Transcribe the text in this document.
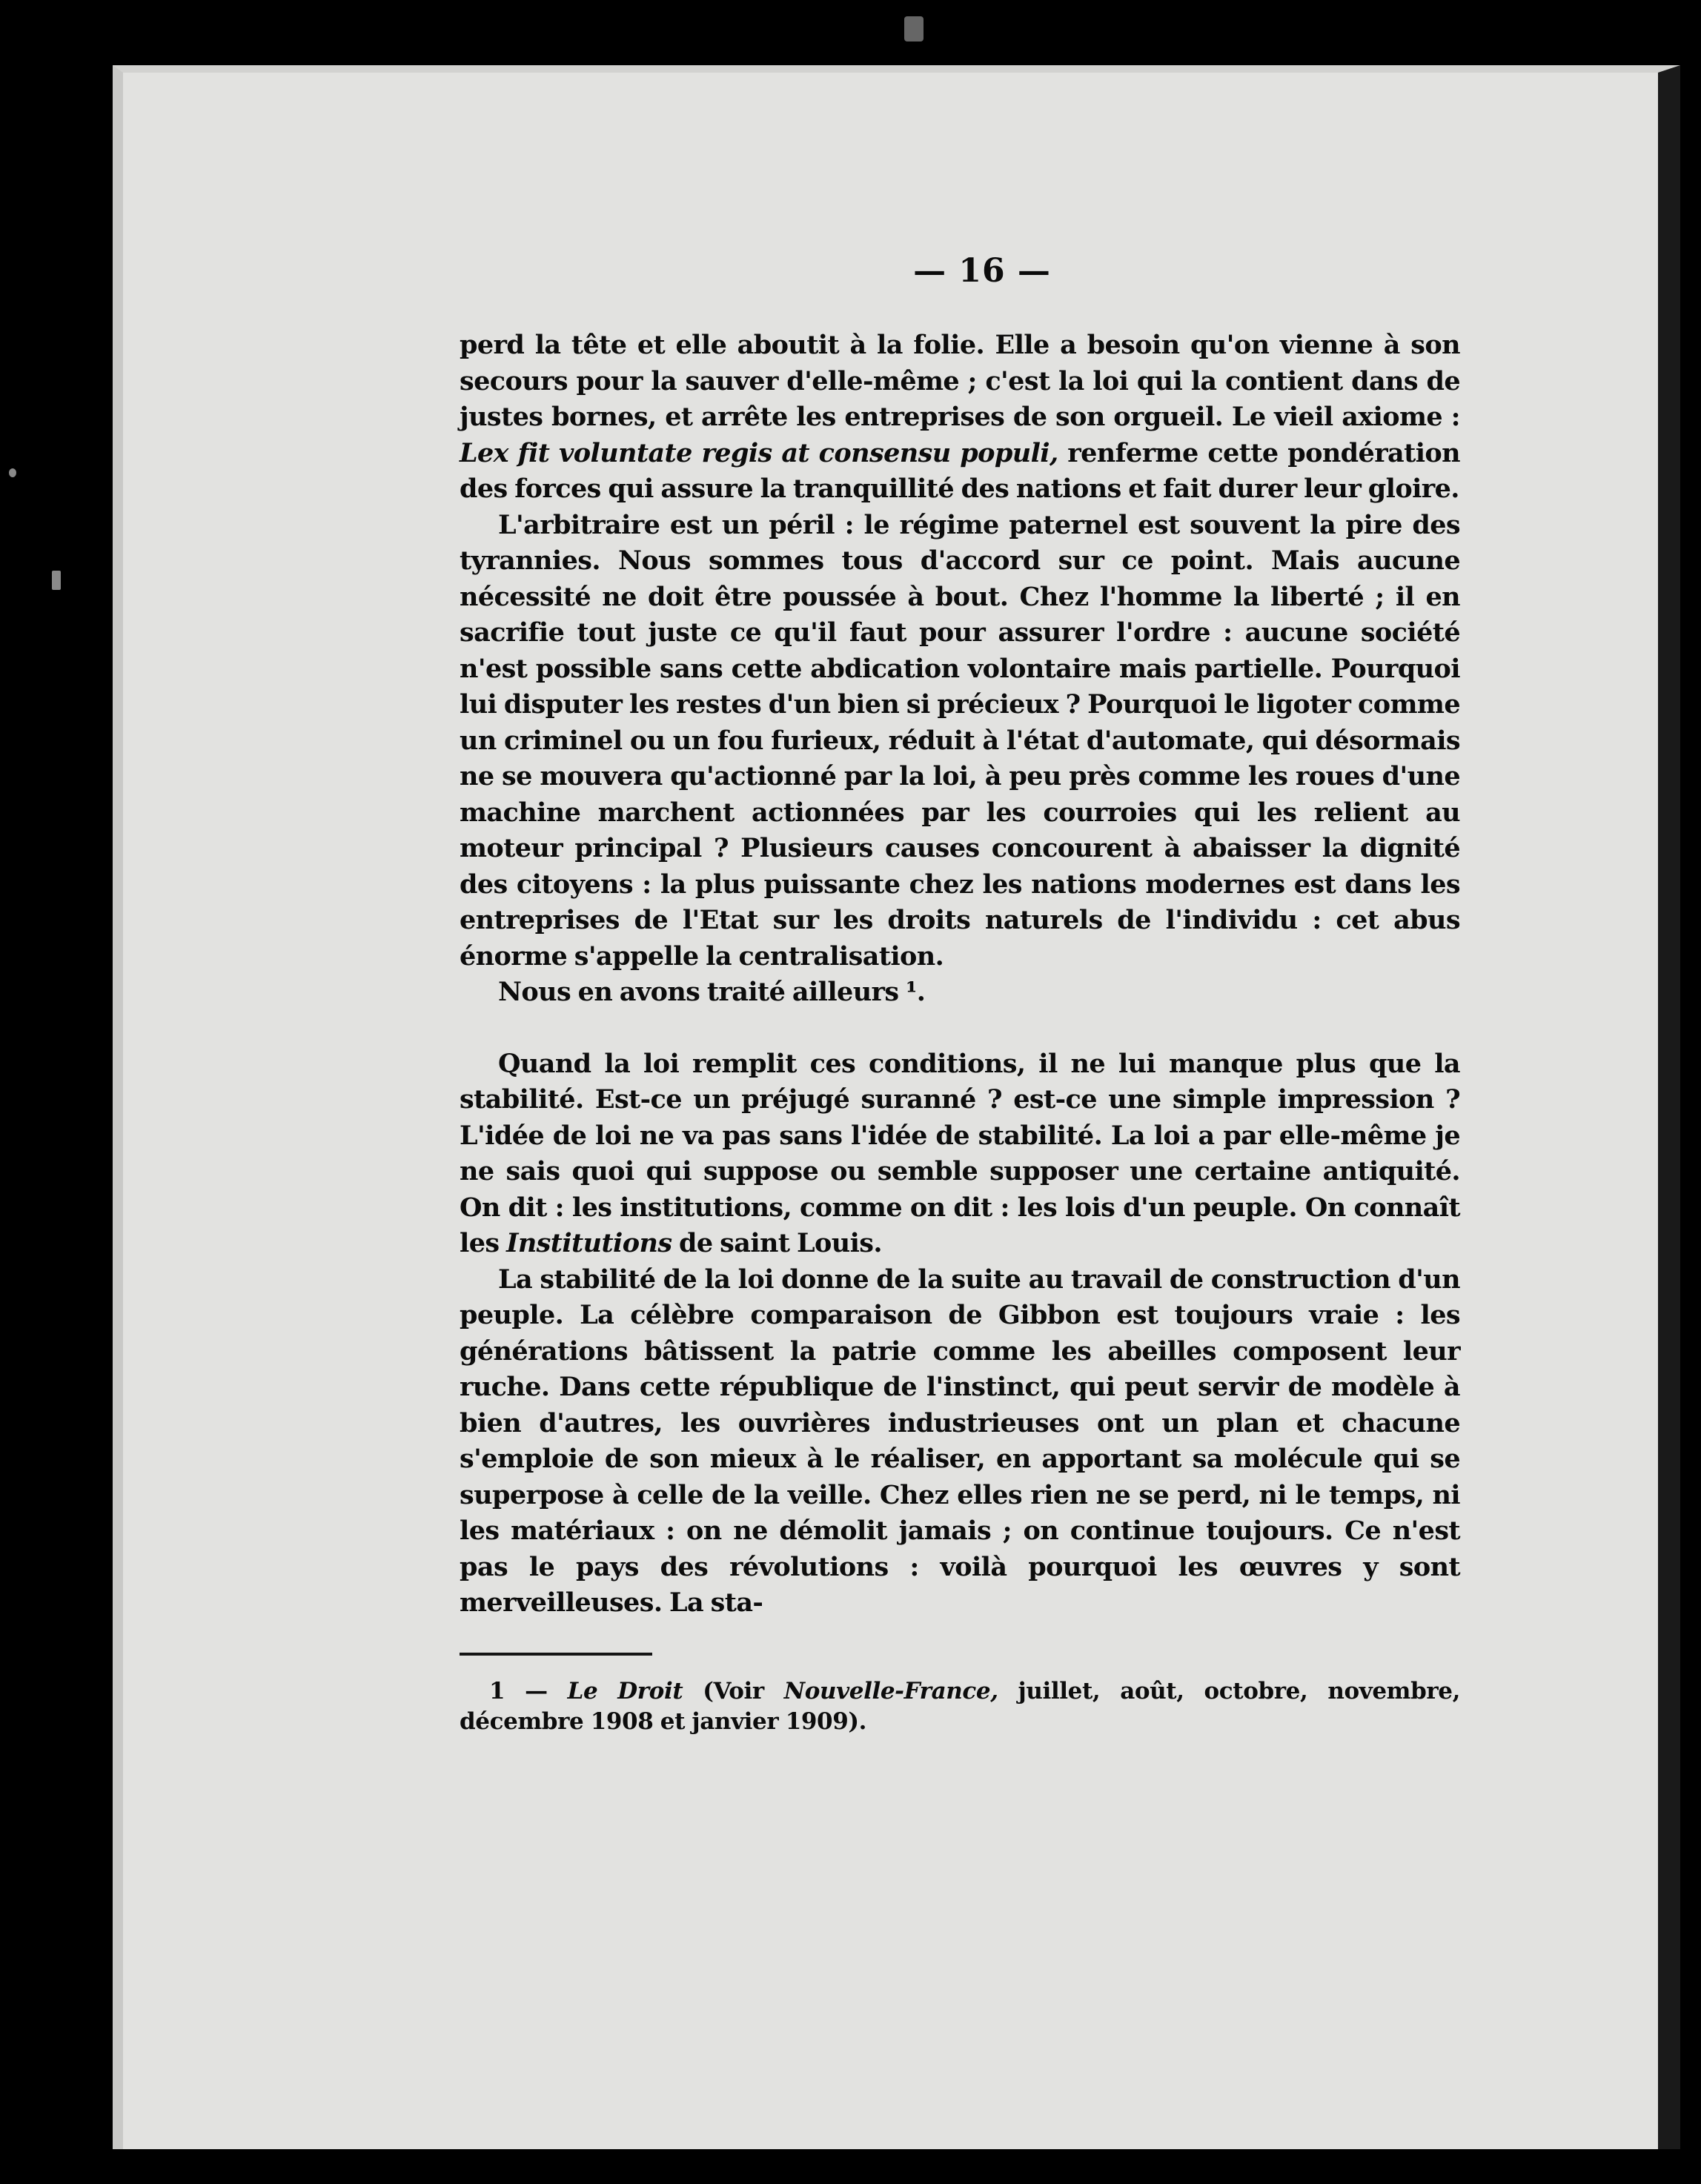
— 16 —

perd la tête et elle aboutit à la folie. Elle a besoin qu'on vienne à son secours pour la sauver d'elle-même ; c'est la loi qui la contient dans de justes bornes, et arrête les entreprises de son orgueil. Le vieil axiome : Lex fit voluntate regis at consensu populi, renferme cette pondération des forces qui assure la tranquillité des nations et fait durer leur gloire.

L'arbitraire est un péril : le régime paternel est souvent la pire des tyrannies. Nous sommes tous d'accord sur ce point. Mais aucune nécessité ne doit être poussée à bout. Chez l'homme la liberté ; il en sacrifie tout juste ce qu'il faut pour assurer l'ordre : aucune société n'est possible sans cette abdication volontaire mais partielle. Pourquoi lui disputer les restes d'un bien si précieux ? Pourquoi le ligoter comme un criminel ou un fou furieux, réduit à l'état d'automate, qui désormais ne se mouvera qu'actionné par la loi, à peu près comme les roues d'une machine marchent actionnées par les courroies qui les relient au moteur principal ? Plusieurs causes concourent à abaisser la dignité des citoyens : la plus puissante chez les nations modernes est dans les entreprises de l'Etat sur les droits naturels de l'individu : cet abus énorme s'appelle la centralisation.

Nous en avons traité ailleurs ¹.

Quand la loi remplit ces conditions, il ne lui manque plus que la stabilité. Est-ce un préjugé suranné ? est-ce une simple impression ? L'idée de loi ne va pas sans l'idée de stabilité. La loi a par elle-même je ne sais quoi qui suppose ou semble supposer une certaine antiquité. On dit : les institutions, comme on dit : les lois d'un peuple. On connaît les Institutions de saint Louis.

La stabilité de la loi donne de la suite au travail de construction d'un peuple. La célèbre comparaison de Gibbon est toujours vraie : les générations bâtissent la patrie comme les abeilles composent leur ruche. Dans cette république de l'instinct, qui peut servir de modèle à bien d'autres, les ouvrières industrieuses ont un plan et chacune s'emploie de son mieux à le réaliser, en apportant sa molécule qui se superpose à celle de la veille. Chez elles rien ne se perd, ni le temps, ni les matériaux : on ne démolit jamais ; on continue toujours. Ce n'est pas le pays des révolutions : voilà pourquoi les œuvres y sont merveilleuses. La sta-

1 — Le Droit (Voir Nouvelle-France, juillet, août, octobre, novembre, décembre 1908 et janvier 1909).
